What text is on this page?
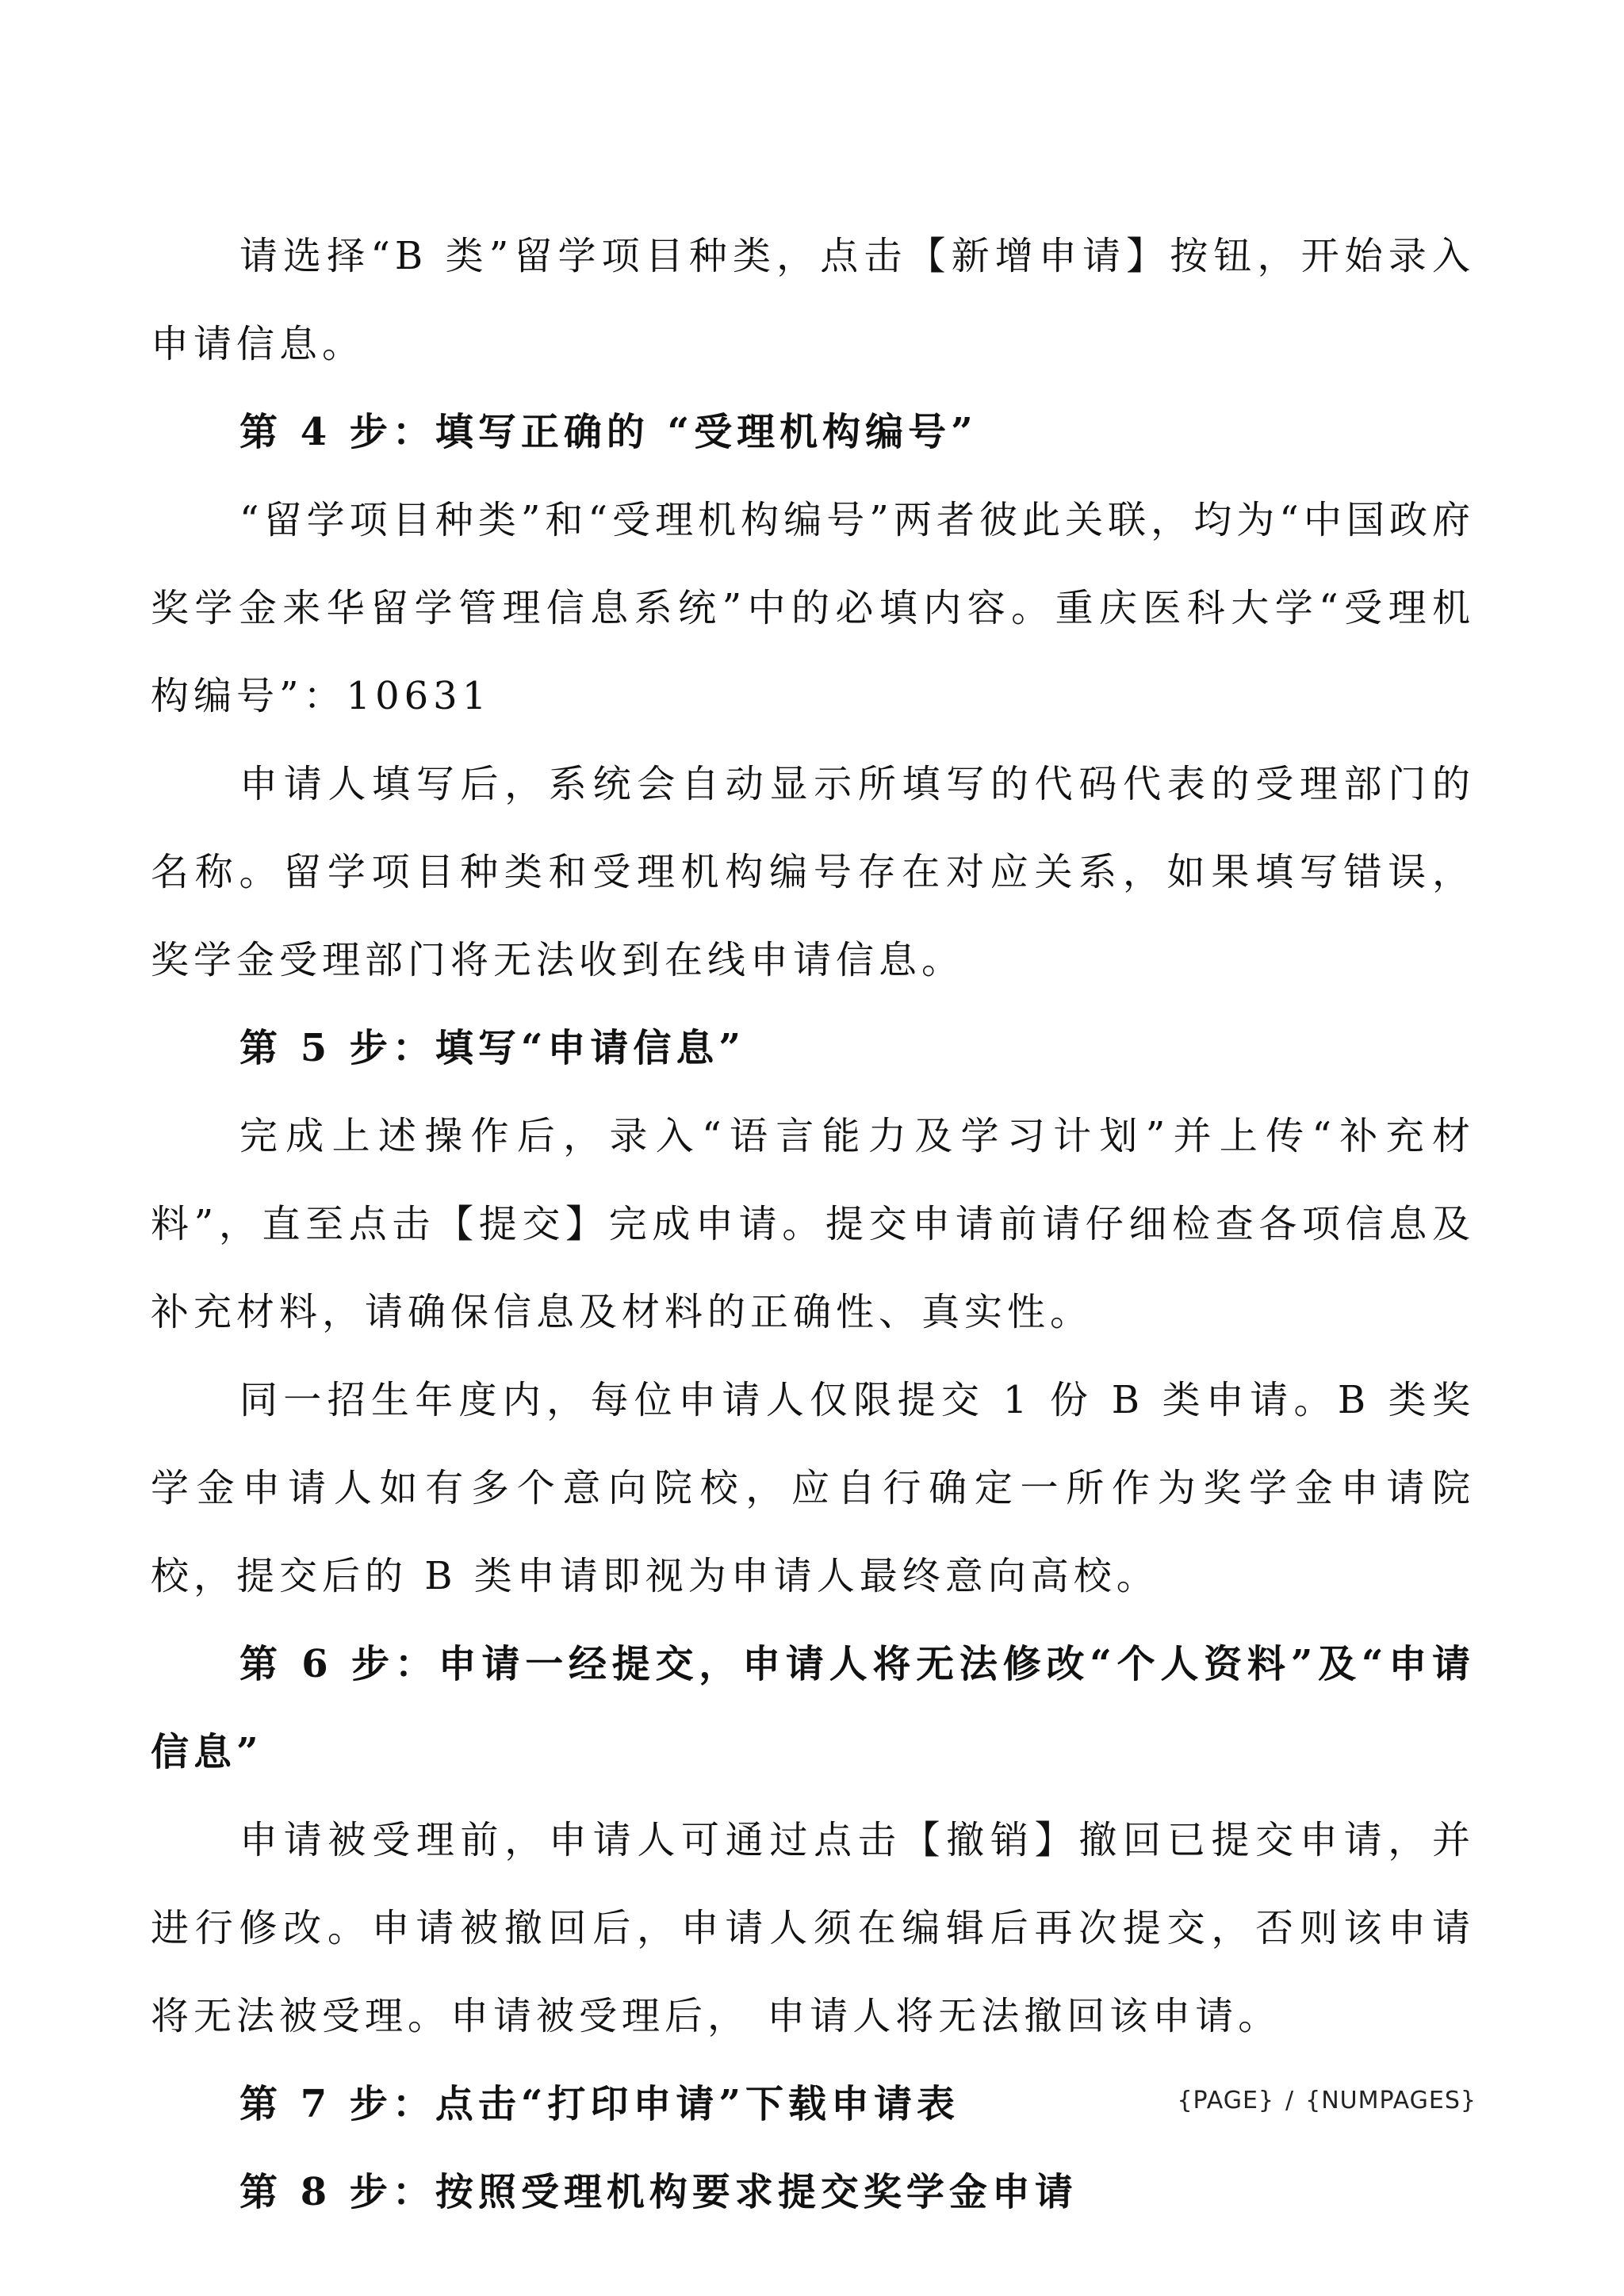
请选择“B 类”留学项目种类，点击【新增申请】按钮，开始录入申请信息。

第 4 步：填写正确的 “受理机构编号”

“留学项目种类”和“受理机构编号”两者彼此关联，均为“中国政府奖学金来华留学管理信息系统”中的必填内容。重庆医科大学“受理机构编号”：10631

申请人填写后，系统会自动显示所填写的代码代表的受理部门的名称。留学项目种类和受理机构编号存在对应关系，如果填写错误，奖学金受理部门将无法收到在线申请信息。

第 5 步：填写“申请信息”

完成上述操作后，录入“语言能力及学习计划”并上传“补充材料”，直至点击【提交】完成申请。提交申请前请仔细检查各项信息及补充材料，请确保信息及材料的正确性、真实性。

同一招生年度内，每位申请人仅限提交 1 份 B 类申请。B 类奖学金申请人如有多个意向院校，应自行确定一所作为奖学金申请院校，提交后的 B 类申请即视为申请人最终意向高校。

第 6 步：申请一经提交，申请人将无法修改“个人资料”及“申请信息”

申请被受理前，申请人可通过点击【撤销】撤回已提交申请，并进行修改。申请被撤回后，申请人须在编辑后再次提交，否则该申请将无法被受理。申请被受理后， 申请人将无法撤回该申请。

第 7 步：点击“打印申请”下载申请表

第 8 步：按照受理机构要求提交奖学金申请

{PAGE} / {NUMPAGES}
